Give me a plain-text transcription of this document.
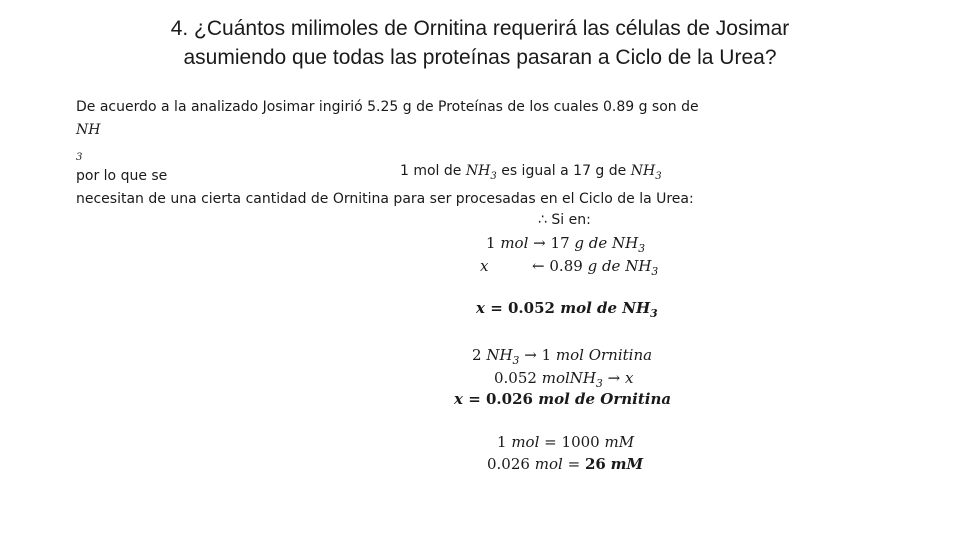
4. ¿Cuántos milimoles de Ornitina requerirá las células de Josimar
asumiendo que todas las proteínas pasaran a Ciclo de la Urea?
De acuerdo a la analizado Josimar ingirió 5.25 g de Proteínas de los cuales 0.89 g son de
NH
3
por lo que se
necesitan de una cierta cantidad de Ornitina para ser procesadas en el Ciclo de la Urea:
1 mol de $NH_3$ es igual a 17 g de $NH_3$
∴ Si en:
1 mol → 17 g de $NH_3$
x	← 0.89 g de $NH_3$
x = 0.052 mol de $NH_3$
2 $NH_3 \to 1$ mol Ornitina
0.052 molNH$_3$ → x
x = 0.026 mol de Ornitina
1 mol = 1000 mM
0.026 mol = 26 mM
